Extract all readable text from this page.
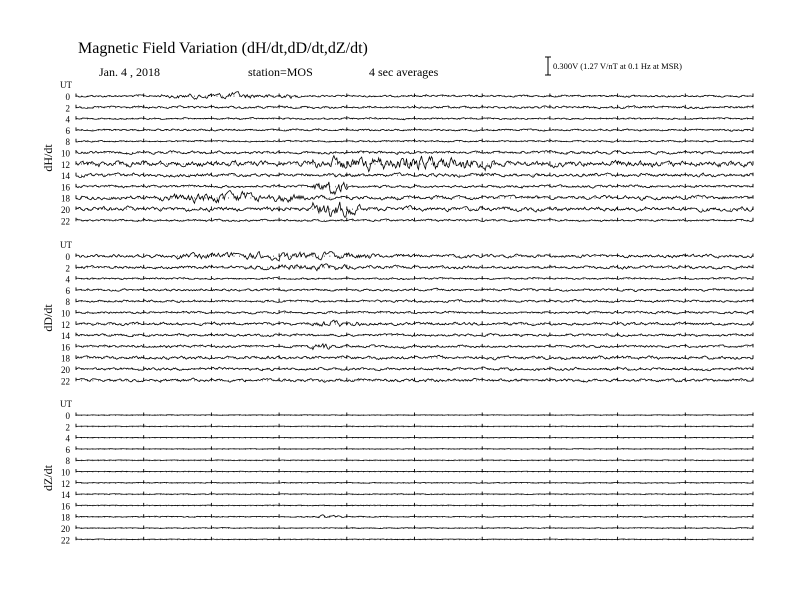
Magnetic Field Variation (dH/dt,dD/dt,dZ/dt)
Jan. 4 , 2018	station=MOS	4 sec averages	0.300V (1.27 V/nT at 0.1 Hz at MSR)
UT
dH/dt
0
2
4
6
8
10
12
14
16
18
20
22
UT
dD/dt
0
2
4
6
8
10
12
14
16
18
20
22
UT
dZ/dt
0
2
4
6
8
10
12
14
16
18
20
22
